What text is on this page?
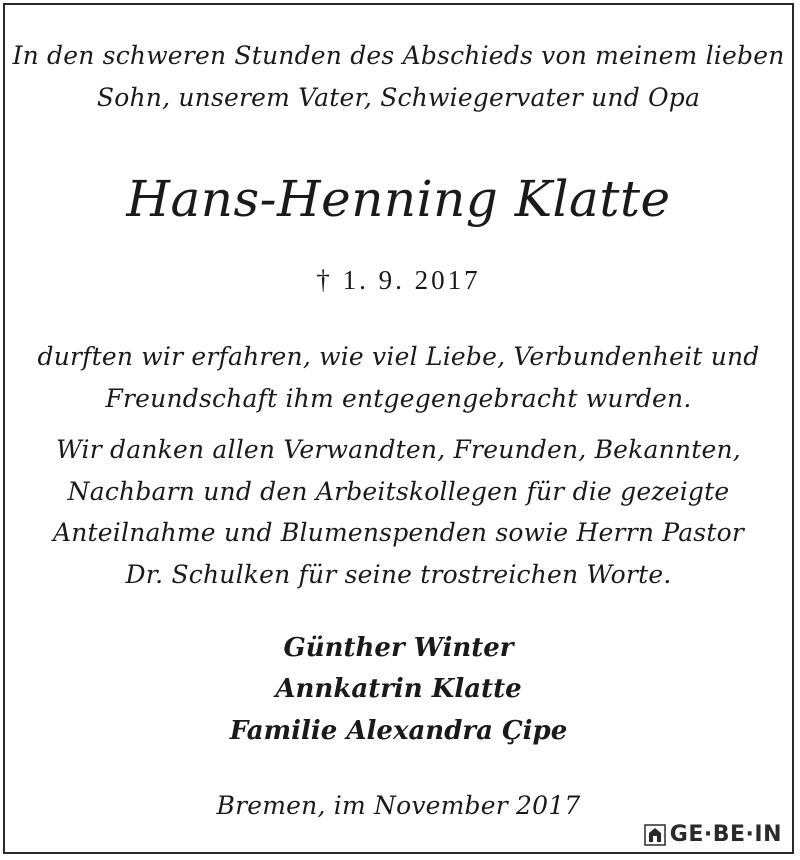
In den schweren Stunden des Abschieds von meinem lieben
Sohn, unserem Vater, Schwiegervater und Opa
Hans-Henning Klatte
† 1. 9. 2017
durften wir erfahren, wie viel Liebe, Verbundenheit und
Freundschaft ihm entgegengebracht wurden.
Wir danken allen Verwandten, Freunden, Bekannten,
Nachbarn und den Arbeitskollegen für die gezeigte
Anteilnahme und Blumenspenden sowie Herrn Pastor
Dr. Schulken für seine trostreichen Worte.
Günther Winter
Annkatrin Klatte
Familie Alexandra Çipe
Bremen, im November 2017
GE·BE·IN
